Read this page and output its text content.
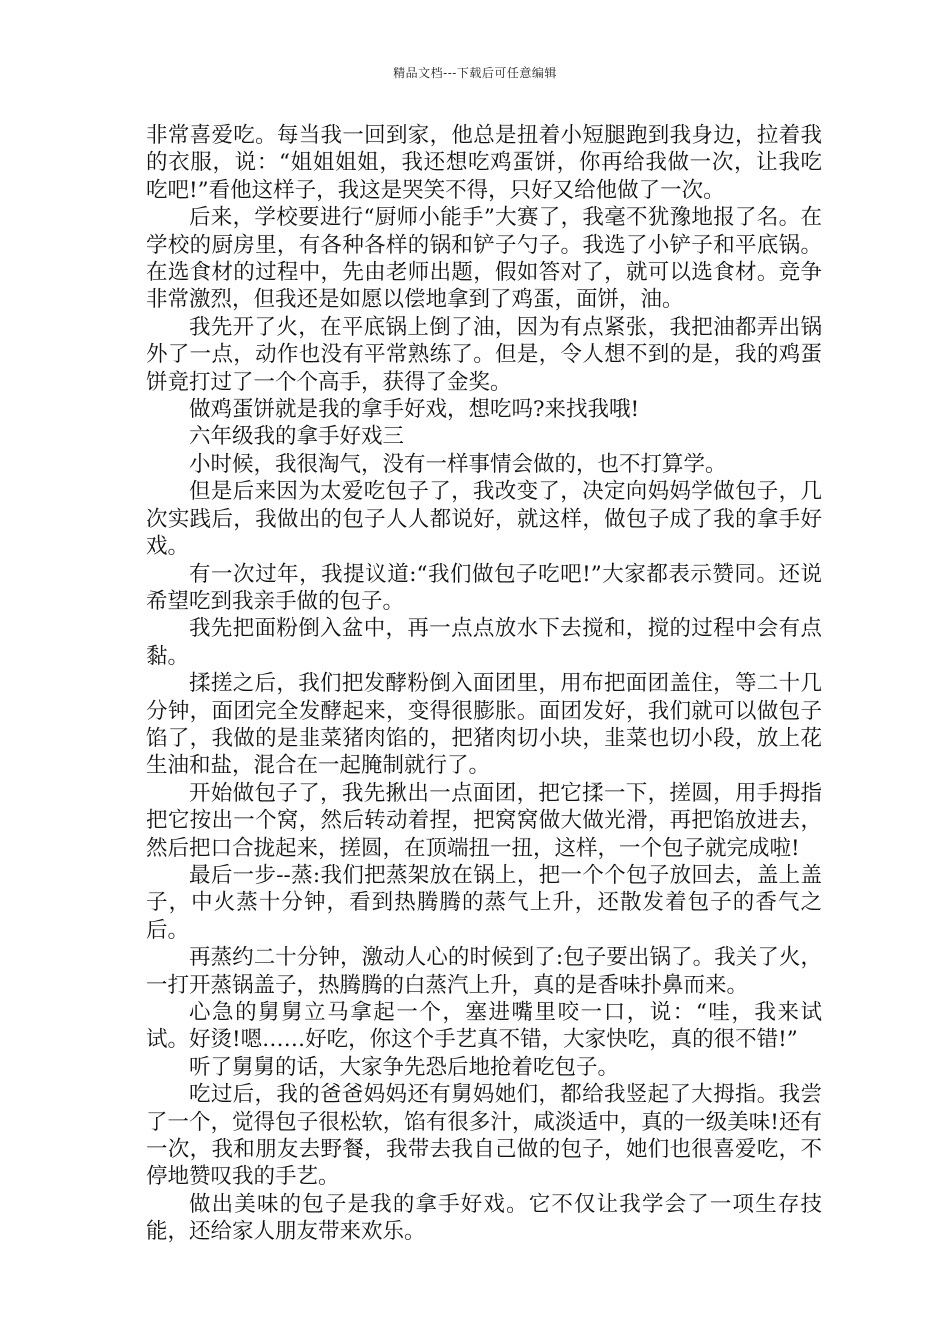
精品文档---下载后可任意编辑

非常喜爱吃。每当我一回到家，他总是扭着小短腿跑到我身边，拉着我的衣服，说：“姐姐姐姐，我还想吃鸡蛋饼，你再给我做一次，让我吃吃吧!”看他这样子，我这是哭笑不得，只好又给他做了一次。

后来，学校要进行“厨师小能手”大赛了，我毫不犹豫地报了名。在学校的厨房里，有各种各样的锅和铲子勺子。我选了小铲子和平底锅。在选食材的过程中，先由老师出题，假如答对了，就可以选食材。竞争非常激烈，但我还是如愿以偿地拿到了鸡蛋，面饼，油。

我先开了火，在平底锅上倒了油，因为有点紧张，我把油都弄出锅外了一点，动作也没有平常熟练了。但是，令人想不到的是，我的鸡蛋饼竟打过了一个个高手，获得了金奖。

做鸡蛋饼就是我的拿手好戏，想吃吗?来找我哦!

六年级我的拿手好戏三

小时候，我很淘气，没有一样事情会做的，也不打算学。

但是后来因为太爱吃包子了，我改变了，决定向妈妈学做包子，几次实践后，我做出的包子人人都说好，就这样，做包子成了我的拿手好戏。

有一次过年，我提议道:“我们做包子吃吧!”大家都表示赞同。还说希望吃到我亲手做的包子。

我先把面粉倒入盆中，再一点点放水下去搅和，搅的过程中会有点黏。

揉搓之后，我们把发酵粉倒入面团里，用布把面团盖住，等二十几分钟，面团完全发酵起来，变得很膨胀。面团发好，我们就可以做包子馅了，我做的是韭菜猪肉馅的，把猪肉切小块，韭菜也切小段，放上花生油和盐，混合在一起腌制就行了。

开始做包子了，我先揪出一点面团，把它揉一下，搓圆，用手拇指把它按出一个窝，然后转动着捏，把窝窝做大做光滑，再把馅放进去，然后把口合拢起来，搓圆，在顶端扭一扭，这样，一个包子就完成啦!

最后一步--蒸:我们把蒸架放在锅上，把一个个包子放回去，盖上盖子，中火蒸十分钟，看到热腾腾的蒸气上升，还散发着包子的香气之后。

再蒸约二十分钟，激动人心的时候到了:包子要出锅了。我关了火，一打开蒸锅盖子，热腾腾的白蒸汽上升，真的是香味扑鼻而来。

心急的舅舅立马拿起一个，塞进嘴里咬一口，说：“哇，我来试试。好烫!嗯……好吃，你这个手艺真不错，大家快吃，真的很不错!”

听了舅舅的话，大家争先恐后地抢着吃包子。

吃过后，我的爸爸妈妈还有舅妈她们，都给我竖起了大拇指。我尝了一个，觉得包子很松软，馅有很多汁，咸淡适中，真的一级美味!还有一次，我和朋友去野餐，我带去我自己做的包子，她们也很喜爱吃，不停地赞叹我的手艺。

做出美味的包子是我的拿手好戏。它不仅让我学会了一项生存技能，还给家人朋友带来欢乐。
